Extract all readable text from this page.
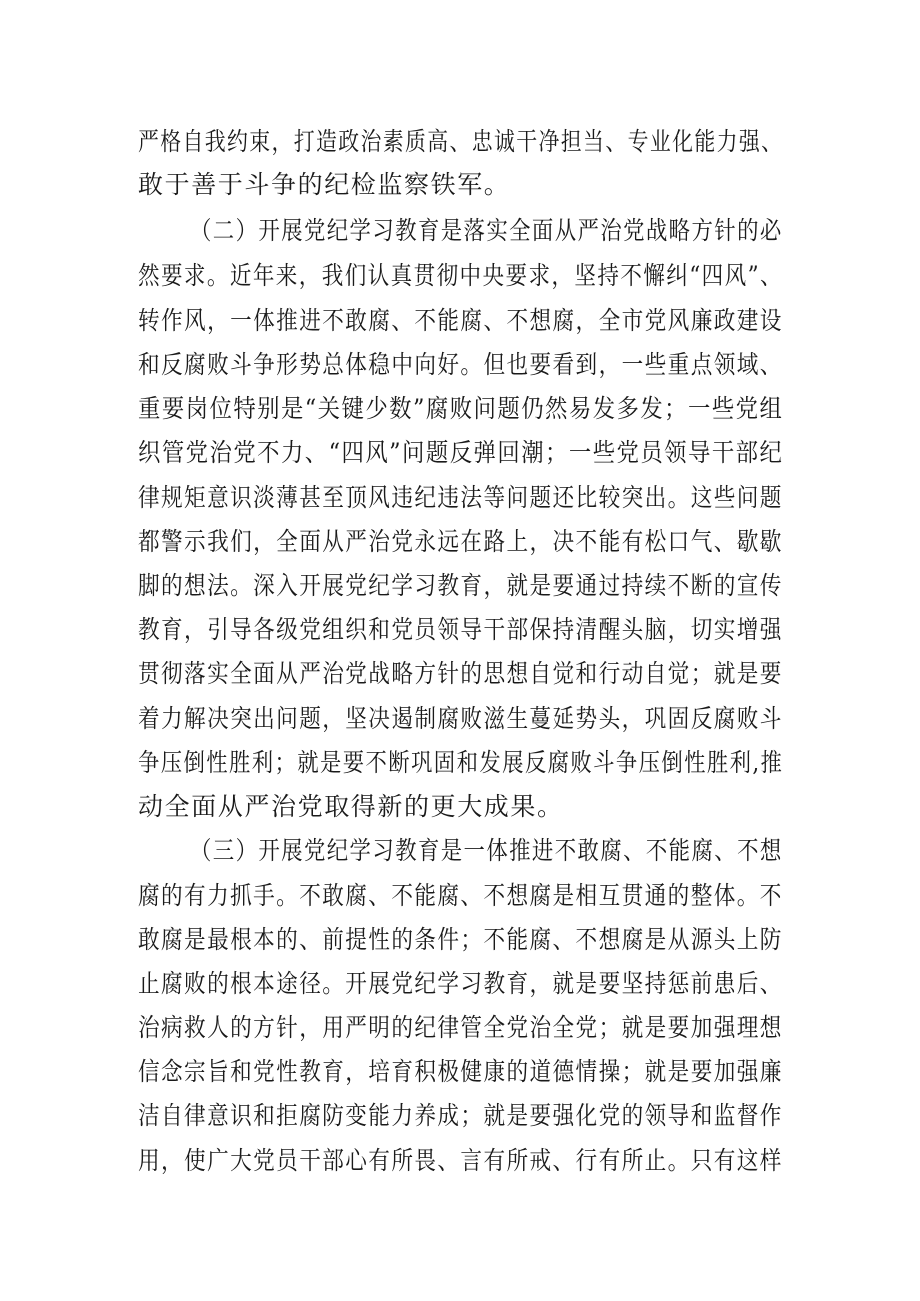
严格自我约束，打造政治素质高、忠诚干净担当、专业化能力强、
敢于善于斗争的纪检监察铁军。
（二）开展党纪学习教育是落实全面从严治党战略方针的必
然要求。近年来，我们认真贯彻中央要求，坚持不懈纠“四风”、
转作风，一体推进不敢腐、不能腐、不想腐，全市党风廉政建设
和反腐败斗争形势总体稳中向好。但也要看到，一些重点领域、
重要岗位特别是“关键少数”腐败问题仍然易发多发；一些党组
织管党治党不力、“四风”问题反弹回潮；一些党员领导干部纪
律规矩意识淡薄甚至顶风违纪违法等问题还比较突出。这些问题
都警示我们，全面从严治党永远在路上，决不能有松口气、歇歇
脚的想法。深入开展党纪学习教育，就是要通过持续不断的宣传
教育，引导各级党组织和党员领导干部保持清醒头脑，切实增强
贯彻落实全面从严治党战略方针的思想自觉和行动自觉；就是要
着力解决突出问题，坚决遏制腐败滋生蔓延势头，巩固反腐败斗
争压倒性胜利；就是要不断巩固和发展反腐败斗争压倒性胜利,推
动全面从严治党取得新的更大成果。
（三）开展党纪学习教育是一体推进不敢腐、不能腐、不想
腐的有力抓手。不敢腐、不能腐、不想腐是相互贯通的整体。不
敢腐是最根本的、前提性的条件；不能腐、不想腐是从源头上防
止腐败的根本途径。开展党纪学习教育，就是要坚持惩前患后、
治病救人的方针，用严明的纪律管全党治全党；就是要加强理想
信念宗旨和党性教育，培育积极健康的道德情操；就是要加强廉
洁自律意识和拒腐防变能力养成；就是要强化党的领导和监督作
用，使广大党员干部心有所畏、言有所戒、行有所止。只有这样
